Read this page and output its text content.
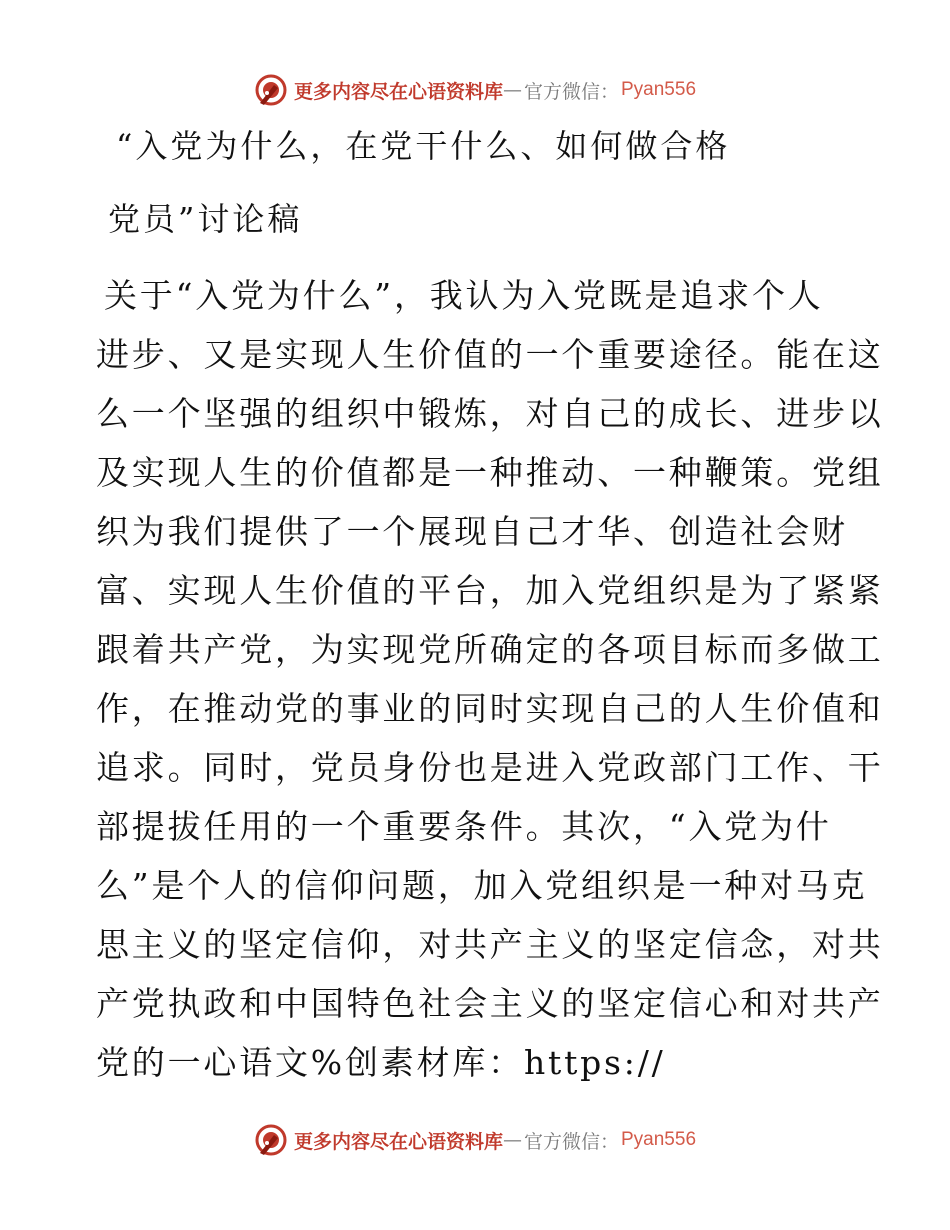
更多内容尽在心语资料库 — 官方微信： Pyan556
“入党为什么，在党干什么、如何做合格
党员”讨论稿
关于“入党为什么”，我认为入党既是追求个人
进步、又是实现人生价值的一个重要途径。能在这
么一个坚强的组织中锻炼，对自己的成长、进步以
及实现人生的价值都是一种推动、一种鞭策。党组
织为我们提供了一个展现自己才华、创造社会财
富、实现人生价值的平台，加入党组织是为了紧紧
跟着共产党，为实现党所确定的各项目标而多做工
作，在推动党的事业的同时实现自己的人生价值和
追求。同时，党员身份也是进入党政部门工作、干
部提拔任用的一个重要条件。其次，“入党为什
么”是个人的信仰问题，加入党组织是一种对马克
思主义的坚定信仰，对共产主义的坚定信念，对共
产党执政和中国特色社会主义的坚定信心和对共产
党的一心语文%创素材库：https://
更多内容尽在心语资料库 — 官方微信： Pyan556
